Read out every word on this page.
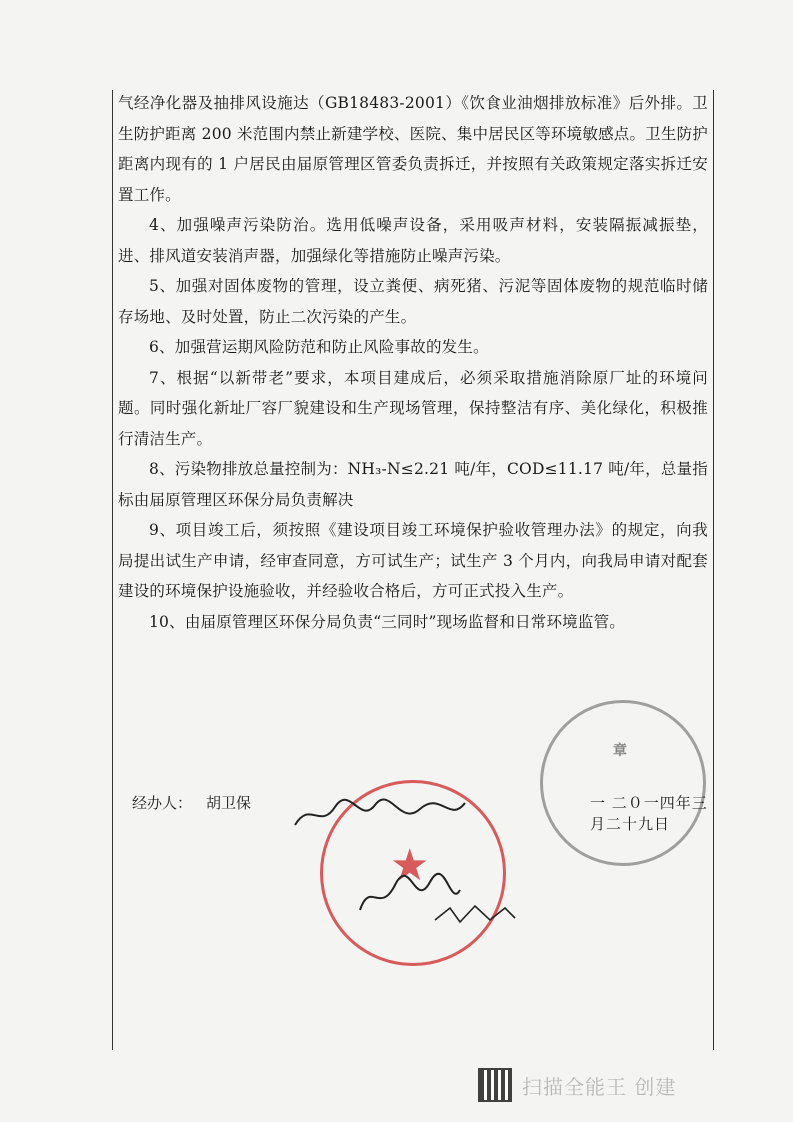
气经净化器及抽排风设施达（GB18483-2001）《饮食业油烟排放标准》后外排。卫生防护距离 200 米范围内禁止新建学校、医院、集中居民区等环境敏感点。卫生防护距离内现有的 1 户居民由届原管理区管委负责拆迁，并按照有关政策规定落实拆迁安置工作。

4、加强噪声污染防治。选用低噪声设备，采用吸声材料，安装隔振减振垫，进、排风道安装消声器，加强绿化等措施防止噪声污染。

5、加强对固体废物的管理，设立粪便、病死猪、污泥等固体废物的规范临时储存场地、及时处置，防止二次污染的产生。

6、加强营运期风险防范和防止风险事故的发生。

7、根据“以新带老”要求，本项目建成后，必须采取措施消除原厂址的环境问题。同时强化新址厂容厂貌建设和生产现场管理，保持整洁有序、美化绿化，积极推行清洁生产。

8、污染物排放总量控制为：NH₃-N≤2.21 吨/年，COD≤11.17 吨/年，总量指标由届原管理区环保分局负责解决

9、项目竣工后，须按照《建设项目竣工环境保护验收管理办法》的规定，向我局提出试生产申请，经审查同意，方可试生产；试生产 3 个月内，向我局申请对配套建设的环境保护设施验收，并经验收合格后，方可正式投入生产。

10、由届原管理区环保分局负责“三同时”现场监督和日常环境监管。

章
★
经办人： 胡卫保	一 二０一四年三月二十九日
扫描全能王 创建
